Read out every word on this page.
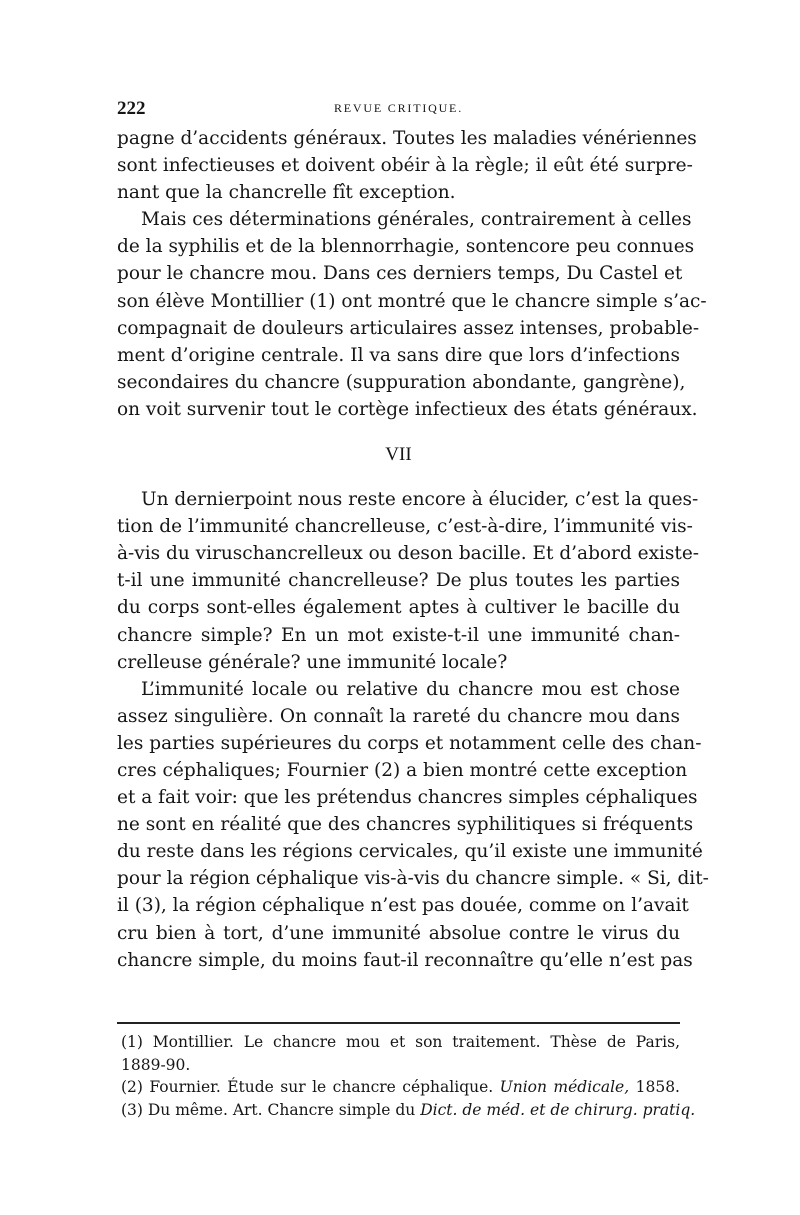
222	REVUE CRITIQUE.
pagne d’accidents généraux. Toutes les maladies vénériennes
sont infectieuses et doivent obéir à la règle; il eût été surpre-
nant que la chancrelle fît exception.
Mais ces déterminations générales, contrairement à celles
de la syphilis et de la blennorrhagie, sontencore peu connues
pour le chancre mou. Dans ces derniers temps, Du Castel et
son élève Montillier (1) ont montré que le chancre simple s’ac-
compagnait de douleurs articulaires assez intenses, probable-
ment d’origine centrale. Il va sans dire que lors d’infections
secondaires du chancre (suppuration abondante, gangrène),
on voit survenir tout le cortège infectieux des états généraux.
VII
Un dernierpoint nous reste encore à élucider, c’est la ques-
tion de l’immunité chancrelleuse, c’est-à-dire, l’immunité vis-
à-vis du viruschancrelleux ou deson bacille. Et d’abord existe-
t-il une immunité chancrelleuse? De plus toutes les parties
du corps sont-elles également aptes à cultiver le bacille du
chancre simple? En un mot existe-t-il une immunité chan-
crelleuse générale? une immunité locale?
L’immunité locale ou relative du chancre mou est chose
assez singulière. On connaît la rareté du chancre mou dans
les parties supérieures du corps et notamment celle des chan-
cres céphaliques; Fournier (2) a bien montré cette exception
et a fait voir: que les prétendus chancres simples céphaliques
ne sont en réalité que des chancres syphilitiques si fréquents
du reste dans les régions cervicales, qu’il existe une immunité
pour la région céphalique vis-à-vis du chancre simple. « Si, dit-
il (3), la région céphalique n’est pas douée, comme on l’avait
cru bien à tort, d’une immunité absolue contre le virus du
chancre simple, du moins faut-il reconnaître qu’elle n’est pas
(1) Montillier. Le chancre mou et son traitement. Thèse de Paris,
1889-90.
(2) Fournier. Étude sur le chancre céphalique. Union médicale, 1858.
(3) Du même. Art. Chancre simple du Dict. de méd. et de chirurg. pratiq.
